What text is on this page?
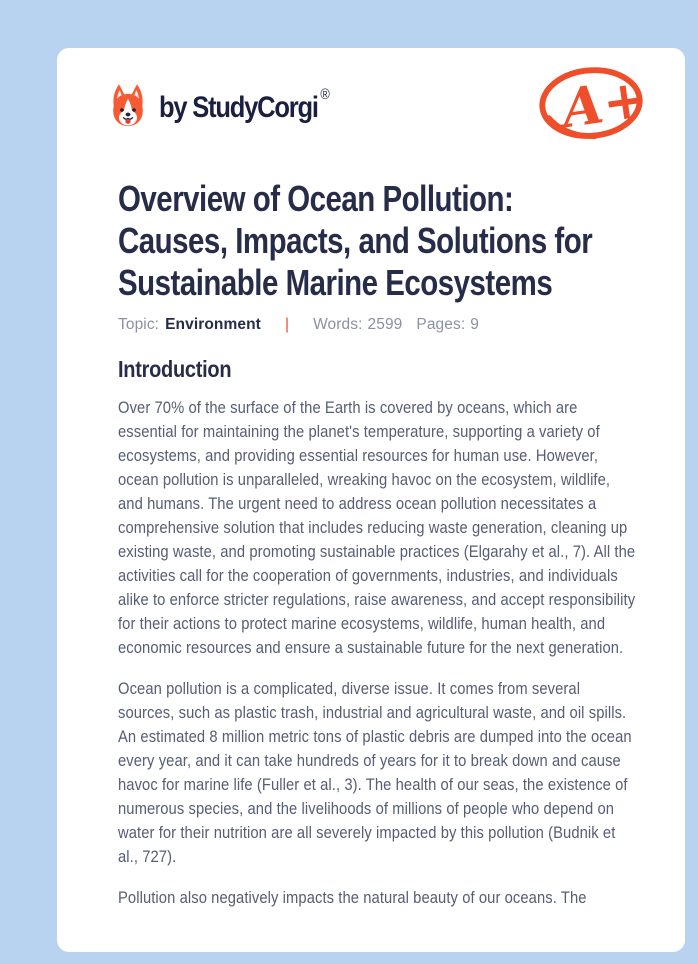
by StudyCorgi ®	A+
Overview of Ocean Pollution: Causes, Impacts, and Solutions for Sustainable Marine Ecosystems
Topic: Environment | Words: 2599 Pages: 9
Introduction

Over 70% of the surface of the Earth is covered by oceans, which are essential for maintaining the planet's temperature, supporting a variety of ecosystems, and providing essential resources for human use. However, ocean pollution is unparalleled, wreaking havoc on the ecosystem, wildlife, and humans. The urgent need to address ocean pollution necessitates a comprehensive solution that includes reducing waste generation, cleaning up existing waste, and promoting sustainable practices (Elgarahy et al., 7). All the activities call for the cooperation of governments, industries, and individuals alike to enforce stricter regulations, raise awareness, and accept responsibility for their actions to protect marine ecosystems, wildlife, human health, and economic resources and ensure a sustainable future for the next generation.

Ocean pollution is a complicated, diverse issue. It comes from several sources, such as plastic trash, industrial and agricultural waste, and oil spills. An estimated 8 million metric tons of plastic debris are dumped into the ocean every year, and it can take hundreds of years for it to break down and cause havoc for marine life (Fuller et al., 3). The health of our seas, the existence of numerous species, and the livelihoods of millions of people who depend on water for their nutrition are all severely impacted by this pollution (Budnik et al., 727).

Pollution also negatively impacts the natural beauty of our oceans. The
